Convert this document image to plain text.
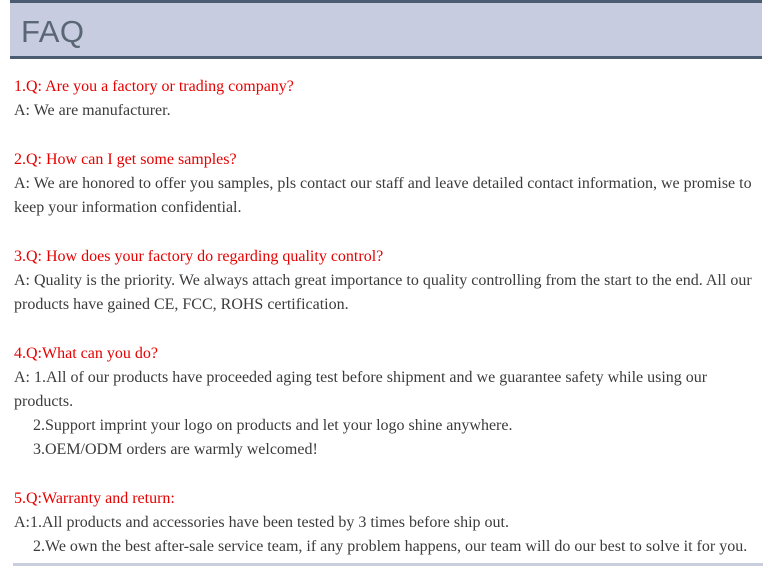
FAQ
1.Q: Are you a factory or trading company?
A: We are manufacturer.
2.Q: How can I get some samples?
A: We are honored to offer you samples, pls contact our staff and leave detailed contact information, we promise to
keep your information confidential.
3.Q: How does your factory do regarding quality control?
A: Quality is the priority. We always attach great importance to quality controlling from the start to the end. All our
products have gained CE, FCC, ROHS certification.
4.Q:What can you do?
A: 1.All of our products have proceeded aging test before shipment and we guarantee safety while using our
products.
2.Support imprint your logo on products and let your logo shine anywhere.
3.OEM/ODM orders are warmly welcomed!
5.Q:Warranty and return:
A:1.All products and accessories have been tested by 3 times before ship out.
2.We own the best after-sale service team, if any problem happens, our team will do our best to solve it for you.
